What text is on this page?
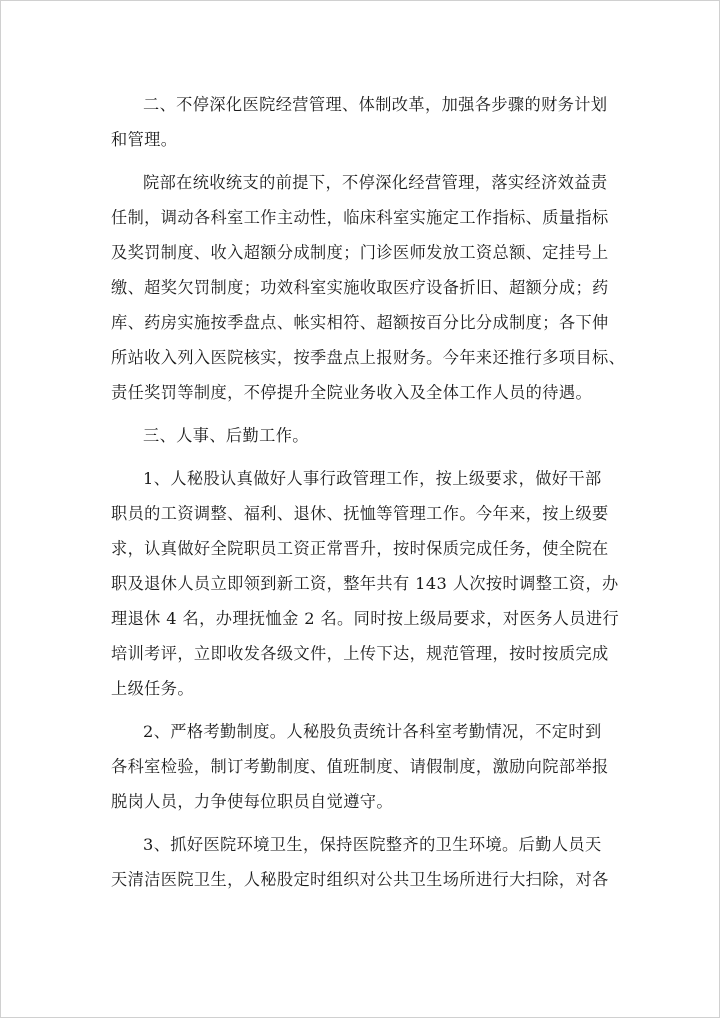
二、不停深化医院经营管理、体制改革，加强各步骤的财务计划
和管理。

院部在统收统支的前提下，不停深化经营管理，落实经济效益责
任制，调动各科室工作主动性，临床科室实施定工作指标、质量指标
及奖罚制度、收入超额分成制度；门诊医师发放工资总额、定挂号上
缴、超奖欠罚制度；功效科室实施收取医疗设备折旧、超额分成；药
库、药房实施按季盘点、帐实相符、超额按百分比分成制度；各下伸
所站收入列入医院核实，按季盘点上报财务。今年来还推行多项目标、
责任奖罚等制度，不停提升全院业务收入及全体工作人员的待遇。

三、人事、后勤工作。

1、人秘股认真做好人事行政管理工作，按上级要求，做好干部
职员的工资调整、福利、退休、抚恤等管理工作。今年来，按上级要
求，认真做好全院职员工资正常晋升，按时保质完成任务，使全院在
职及退休人员立即领到新工资，整年共有 143 人次按时调整工资，办
理退休 4 名，办理抚恤金 2 名。同时按上级局要求，对医务人员进行
培训考评，立即收发各级文件，上传下达，规范管理，按时按质完成
上级任务。

2、严格考勤制度。人秘股负责统计各科室考勤情况，不定时到
各科室检验，制订考勤制度、值班制度、请假制度，激励向院部举报
脱岗人员，力争使每位职员自觉遵守。

3、抓好医院环境卫生，保持医院整齐的卫生环境。后勤人员天
天清洁医院卫生，人秘股定时组织对公共卫生场所进行大扫除，对各
